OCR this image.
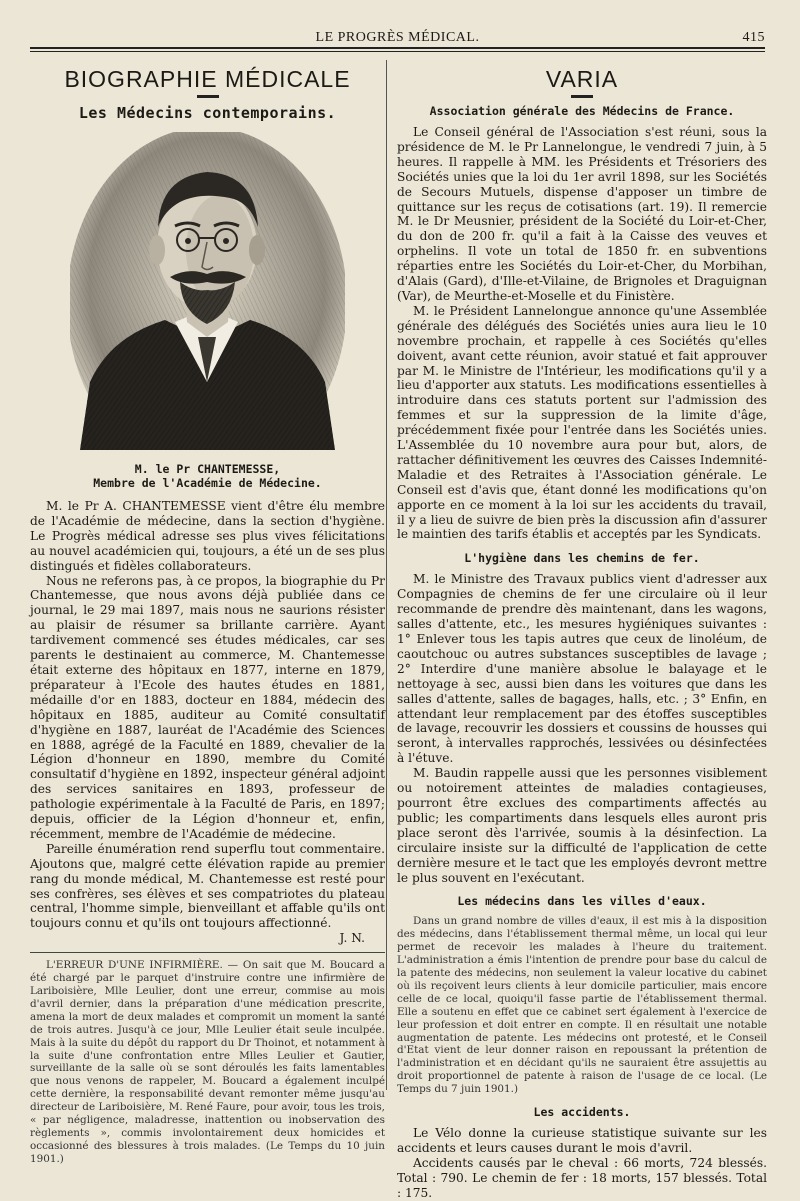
LE PROGRÈS MÉDICAL.	415
BIOGRAPHIE MÉDICALE
Les Médecins contemporains.
M. le Pr CHANTEMESSE,
Membre de l'Académie de Médecine.

M. le Pr A. CHANTEMESSE vient d'être élu membre de l'Académie de médecine, dans la section d'hygiène. Le Progrès médical adresse ses plus vives félicitations au nouvel académicien qui, toujours, a été un de ses plus distingués et fidèles collaborateurs.

Nous ne referons pas, à ce propos, la biographie du Pr Chantemesse, que nous avons déjà publiée dans ce journal, le 29 mai 1897, mais nous ne saurions résister au plaisir de résumer sa brillante carrière. Ayant tardivement commencé ses études médicales, car ses parents le destinaient au commerce, M. Chantemesse était externe des hôpitaux en 1877, interne en 1879, préparateur à l'Ecole des hautes études en 1881, médaille d'or en 1883, docteur en 1884, médecin des hôpitaux en 1885, auditeur au Comité consultatif d'hygiène en 1887, lauréat de l'Académie des Sciences en 1888, agrégé de la Faculté en 1889, chevalier de la Légion d'honneur en 1890, membre du Comité consultatif d'hygiène en 1892, inspecteur général adjoint des services sanitaires en 1893, professeur de pathologie expérimentale à la Faculté de Paris, en 1897; depuis, officier de la Légion d'honneur et, enfin, récemment, membre de l'Académie de médecine.

Pareille énumération rend superflu tout commentaire. Ajoutons que, malgré cette élévation rapide au premier rang du monde médical, M. Chantemesse est resté pour ses confrères, ses élèves et ses compatriotes du plateau central, l'homme simple, bienveillant et affable qu'ils ont toujours connu et qu'ils ont toujours affectionné.

J. N.

L'ERREUR D'UNE INFIRMIÈRE. — On sait que M. Boucard a été chargé par le parquet d'instruire contre une infirmière de Lariboisière, Mlle Leulier, dont une erreur, commise au mois d'avril dernier, dans la préparation d'une médication prescrite, amena la mort de deux malades et compromit un moment la santé de trois autres. Jusqu'à ce jour, Mlle Leulier était seule inculpée. Mais à la suite du dépôt du rapport du Dr Thoinot, et notamment à la suite d'une confrontation entre Mlles Leulier et Gautier, surveillante de la salle où se sont déroulés les faits lamentables que nous venons de rappeler, M. Boucard a également inculpé cette dernière, la responsabilité devant remonter même jusqu'au directeur de Lariboisière, M. René Faure, pour avoir, tous les trois, « par négligence, maladresse, inattention ou inobservation des règlements », commis involontairement deux homicides et occasionné des blessures à trois malades. (Le Temps du 10 juin 1901.)

VARIA
Association générale des Médecins de France.

Le Conseil général de l'Association s'est réuni, sous la présidence de M. le Pr Lannelongue, le vendredi 7 juin, à 5 heures. Il rappelle à MM. les Présidents et Trésoriers des Sociétés unies que la loi du 1er avril 1898, sur les Sociétés de Secours Mutuels, dispense d'apposer un timbre de quittance sur les reçus de cotisations (art. 19). Il remercie M. le Dr Meusnier, président de la Société du Loir-et-Cher, du don de 200 fr. qu'il a fait à la Caisse des veuves et orphelins. Il vote un total de 1850 fr. en subventions réparties entre les Sociétés du Loir-et-Cher, du Morbihan, d'Alais (Gard), d'Ille-et-Vilaine, de Brignoles et Draguignan (Var), de Meurthe-et-Moselle et du Finistère.

M. le Président Lannelongue annonce qu'une Assemblée générale des délégués des Sociétés unies aura lieu le 10 novembre prochain, et rappelle à ces Sociétés qu'elles doivent, avant cette réunion, avoir statué et fait approuver par M. le Ministre de l'Intérieur, les modifications qu'il y a lieu d'apporter aux statuts. Les modifications essentielles à introduire dans ces statuts portent sur l'admission des femmes et sur la suppression de la limite d'âge, précédemment fixée pour l'entrée dans les Sociétés unies. L'Assemblée du 10 novembre aura pour but, alors, de rattacher définitivement les œuvres des Caisses Indemnité-Maladie et des Retraites à l'Association générale. Le Conseil est d'avis que, étant donné les modifications qu'on apporte en ce moment à la loi sur les accidents du travail, il y a lieu de suivre de bien près la discussion afin d'assurer le maintien des tarifs établis et acceptés par les Syndicats.

L'hygiène dans les chemins de fer.

M. le Ministre des Travaux publics vient d'adresser aux Compagnies de chemins de fer une circulaire où il leur recommande de prendre dès maintenant, dans les wagons, salles d'attente, etc., les mesures hygiéniques suivantes : 1° Enlever tous les tapis autres que ceux de linoléum, de caoutchouc ou autres substances susceptibles de lavage ; 2° Interdire d'une manière absolue le balayage et le nettoyage à sec, aussi bien dans les voitures que dans les salles d'attente, salles de bagages, halls, etc. ; 3° Enfin, en attendant leur remplacement par des étoffes susceptibles de lavage, recouvrir les dossiers et coussins de housses qui seront, à intervalles rapprochés, lessivées ou désinfectées à l'étuve.

M. Baudin rappelle aussi que les personnes visiblement ou notoirement atteintes de maladies contagieuses, pourront être exclues des compartiments affectés au public; les compartiments dans lesquels elles auront pris place seront dès l'arrivée, soumis à la désinfection. La circulaire insiste sur la difficulté de l'application de cette dernière mesure et le tact que les employés devront mettre le plus souvent en l'exécutant.

Les médecins dans les villes d'eaux.

Dans un grand nombre de villes d'eaux, il est mis à la disposition des médecins, dans l'établissement thermal même, un local qui leur permet de recevoir les malades à l'heure du traitement. L'administration a émis l'intention de prendre pour base du calcul de la patente des médecins, non seulement la valeur locative du cabinet où ils reçoivent leurs clients à leur domicile particulier, mais encore celle de ce local, quoiqu'il fasse partie de l'établissement thermal. Elle a soutenu en effet que ce cabinet sert également à l'exercice de leur profession et doit entrer en compte. Il en résultait une notable augmentation de patente. Les médecins ont protesté, et le Conseil d'Etat vient de leur donner raison en repoussant la prétention de l'administration et en décidant qu'ils ne sauraient être assujettis au droit proportionnel de patente à raison de l'usage de ce local. (Le Temps du 7 juin 1901.)

Les accidents.

Le Vélo donne la curieuse statistique suivante sur les accidents et leurs causes durant le mois d'avril.

Accidents causés par le cheval : 66 morts, 724 blessés. Total : 790. Le chemin de fer : 18 morts, 157 blessés. Total : 175.
